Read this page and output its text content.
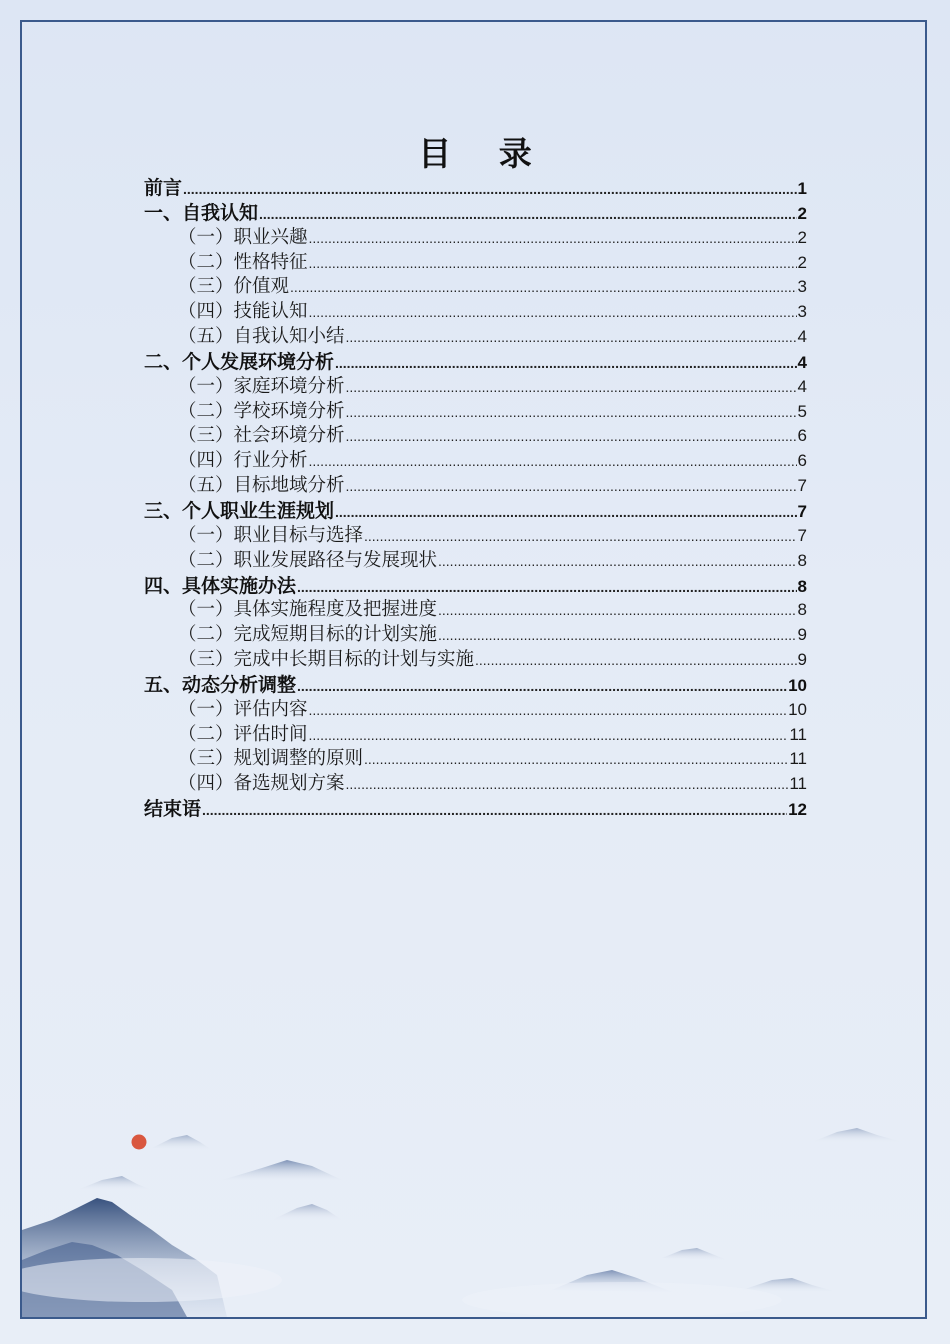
目 录
前言 .....	1
一、自我认知 .....	2
（一）职业兴趣 .....	2
（二）性格特征 .....	2
（三）价值观 .....	3
（四）技能认知 .....	3
（五）自我认知小结 .....	4
二、个人发展环境分析 .....	4
（一）家庭环境分析 .....	4
（二）学校环境分析 .....	5
（三）社会环境分析 .....	6
（四）行业分析 .....	6
（五）目标地域分析 .....	7
三、个人职业生涯规划 .....	7
（一）职业目标与选择 .....	7
（二）职业发展路径与发展现状 .....	8
四、具体实施办法 .....	8
（一）具体实施程度及把握进度 .....	8
（二）完成短期目标的计划实施 .....	9
（三）完成中长期目标的计划与实施 .....	9
五、动态分析调整 .....	10
（一）评估内容 .....	10
（二）评估时间 .....	11
（三）规划调整的原则 .....	11
（四）备选规划方案 .....	11
结束语 .....	12
